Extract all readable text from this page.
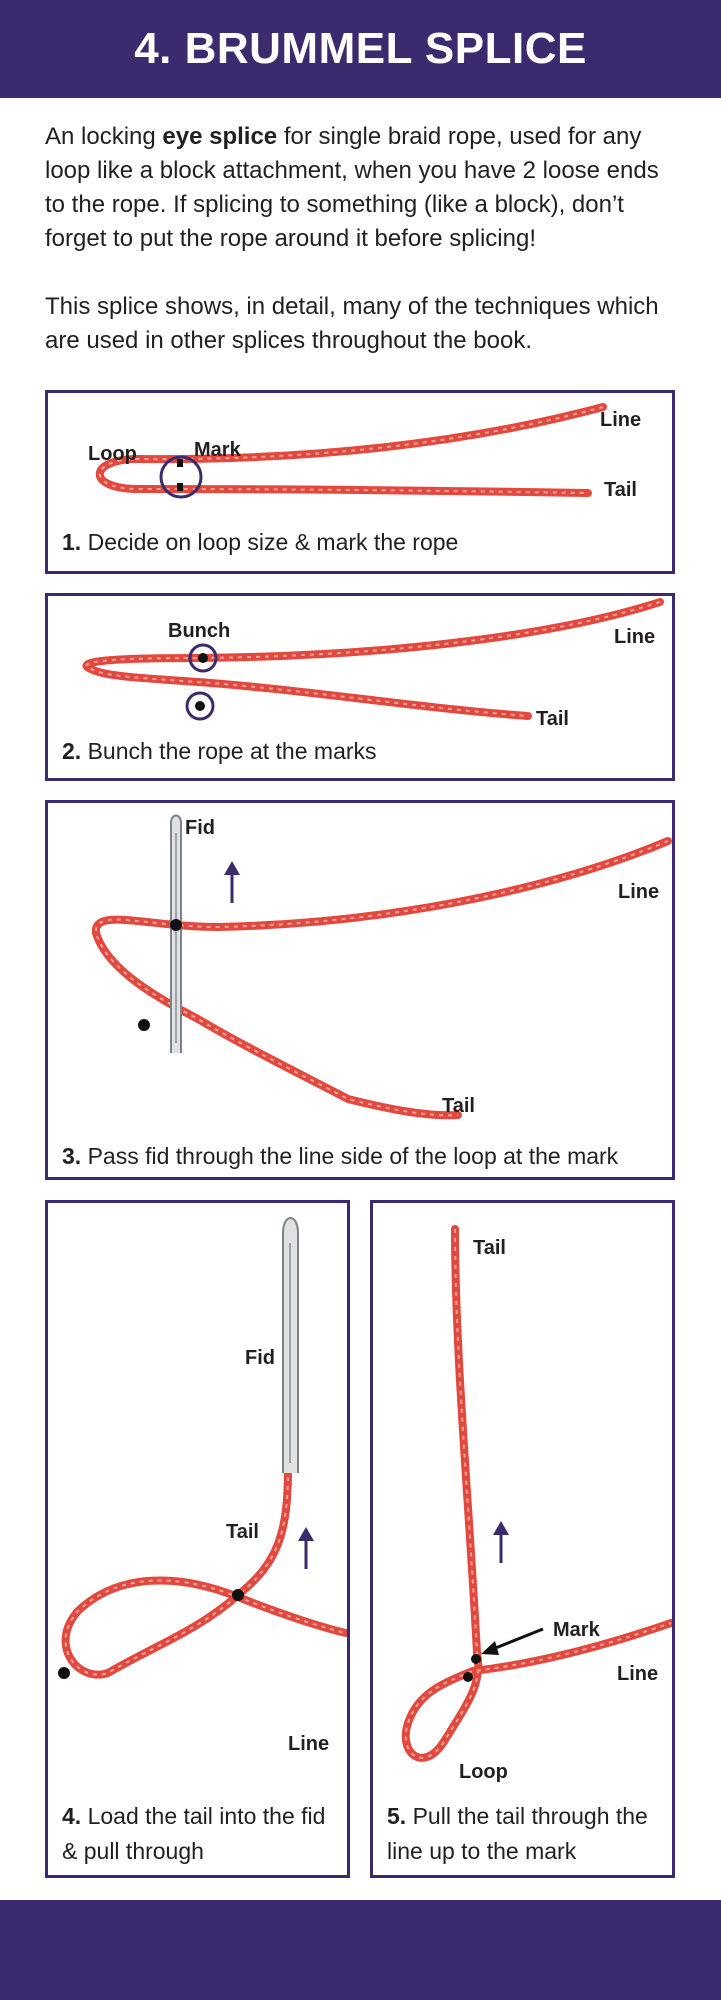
4. BRUMMEL SPLICE

An locking eye splice for single braid rope, used for any loop like a block attachment, when you have 2 loose ends to the rope. If splicing to something (like a block), don’t forget to put the rope around it before splicing!

This splice shows, in detail, many of the techniques which are used in other splices throughout the book.

Line
Loop	Mark
Tail
1. Decide on loop size & mark the rope
Bunch	Line
Tail
2. Bunch the rope at the marks
Fid
Line
Tail
3. Pass fid through the line side of the loop at the mark
Fid
Tail
Line
4. Load the tail into the fid & pull through
Tail
Mark
Line
Loop
5. Pull the tail through the line up to the mark
